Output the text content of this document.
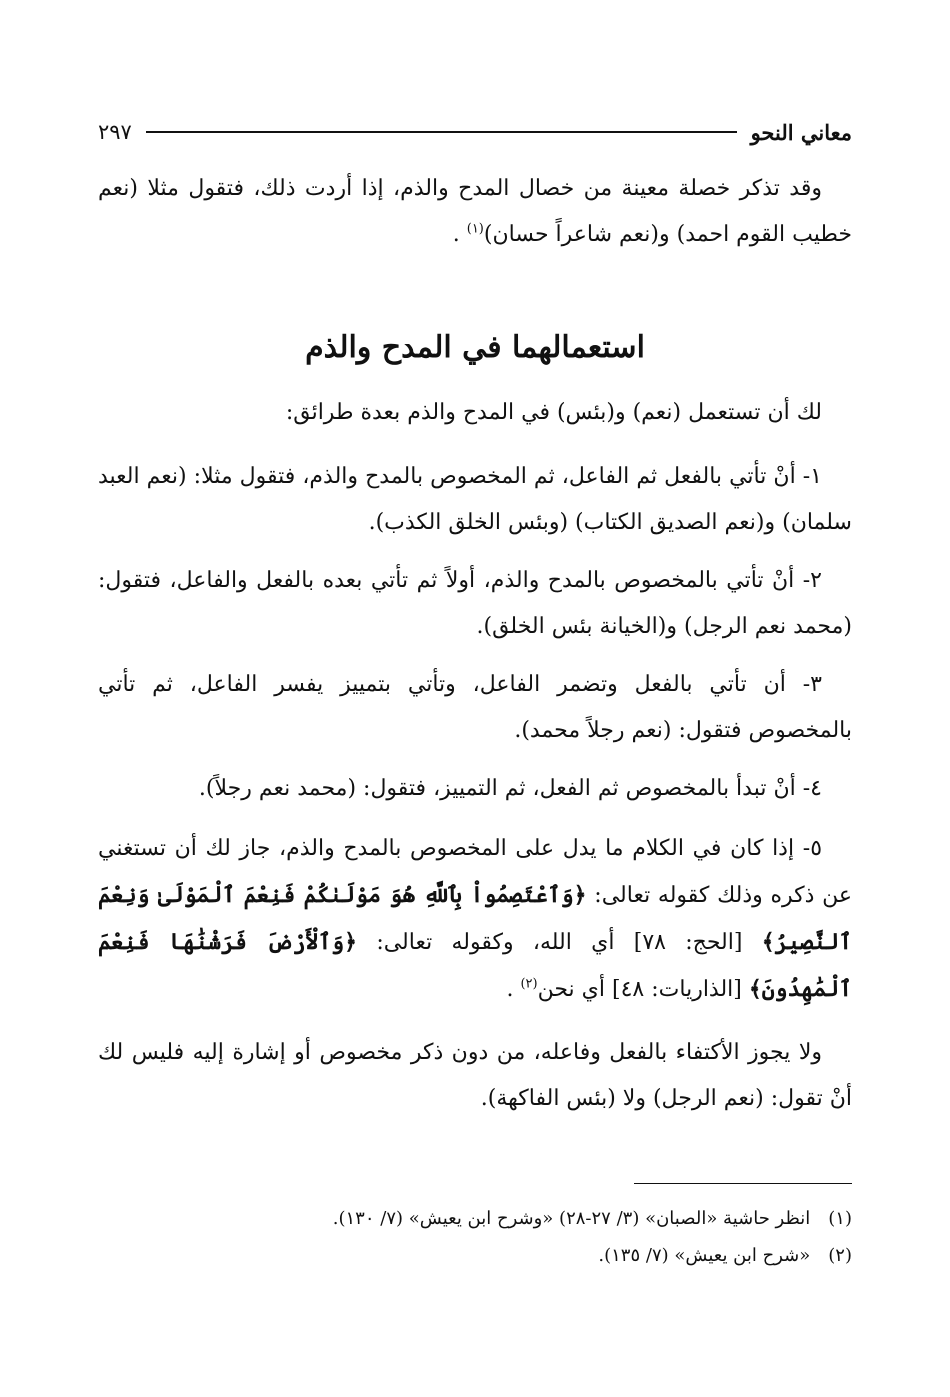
معاني النحو
٢٩٧

وقد تذكر خصلة معينة من خصال المدح والذم، إذا أردت ذلك، فتقول مثلا (نعم خطيب القوم احمد) و(نعم شاعراً حسان)$^{(١)}$ .

استعمالهما في المدح والذم

لك أن تستعمل (نعم) و(بئس) في المدح والذم بعدة طرائق:

١- أنْ تأتي بالفعل ثم الفاعل، ثم المخصوص بالمدح والذم، فتقول مثلا: (نعم العبد سلمان) و(نعم الصديق الكتاب) (وبئس الخلق الكذب).

٢- أنْ تأتي بالمخصوص بالمدح والذم، أولاً ثم تأتي بعده بالفعل والفاعل، فتقول: (محمد نعم الرجل) و(الخيانة بئس الخلق).

٣- أن تأتي بالفعل وتضمر الفاعل، وتأتي بتمييز يفسر الفاعل، ثم تأتي بالمخصوص فتقول: (نعم رجلاً محمد).

٤- أنْ تبدأ بالمخصوص ثم الفعل، ثم التمييز، فتقول: (محمد نعم رجلاً).

٥- إذا كان في الكلام ما يدل على المخصوص بالمدح والذم، جاز لك أن تستغني عن ذكره وذلك كقوله تعالى: ﴿وَٱعْتَصِمُواْ بِٱللَّهِ هُوَ مَوْلَىٰكُمْ فَنِعْمَ ٱلْمَوْلَىٰ وَنِعْمَ ٱلنَّصِيرُ﴾ [الحج: ٧٨] أي الله، وكقوله تعالى: ﴿وَٱلْأَرْضَ فَرَشْنَٰهَا فَنِعْمَ ٱلْمَٰهِدُونَ﴾ [الذاريات: ٤٨] أي نحن$^{(٢)}$ .

ولا يجوز الأكتفاء بالفعل وفاعله، من دون ذكر مخصوص أو إشارة إليه فليس لك أنْ تقول: (نعم الرجل) ولا (بئس الفاكهة).

(١)
انظر حاشية «الصبان» (٣/ ٢٧-٢٨) «وشرح ابن يعيش» (٧/ ١٣٠).
(٢)
«شرح ابن يعيش» (٧/ ١٣٥).
